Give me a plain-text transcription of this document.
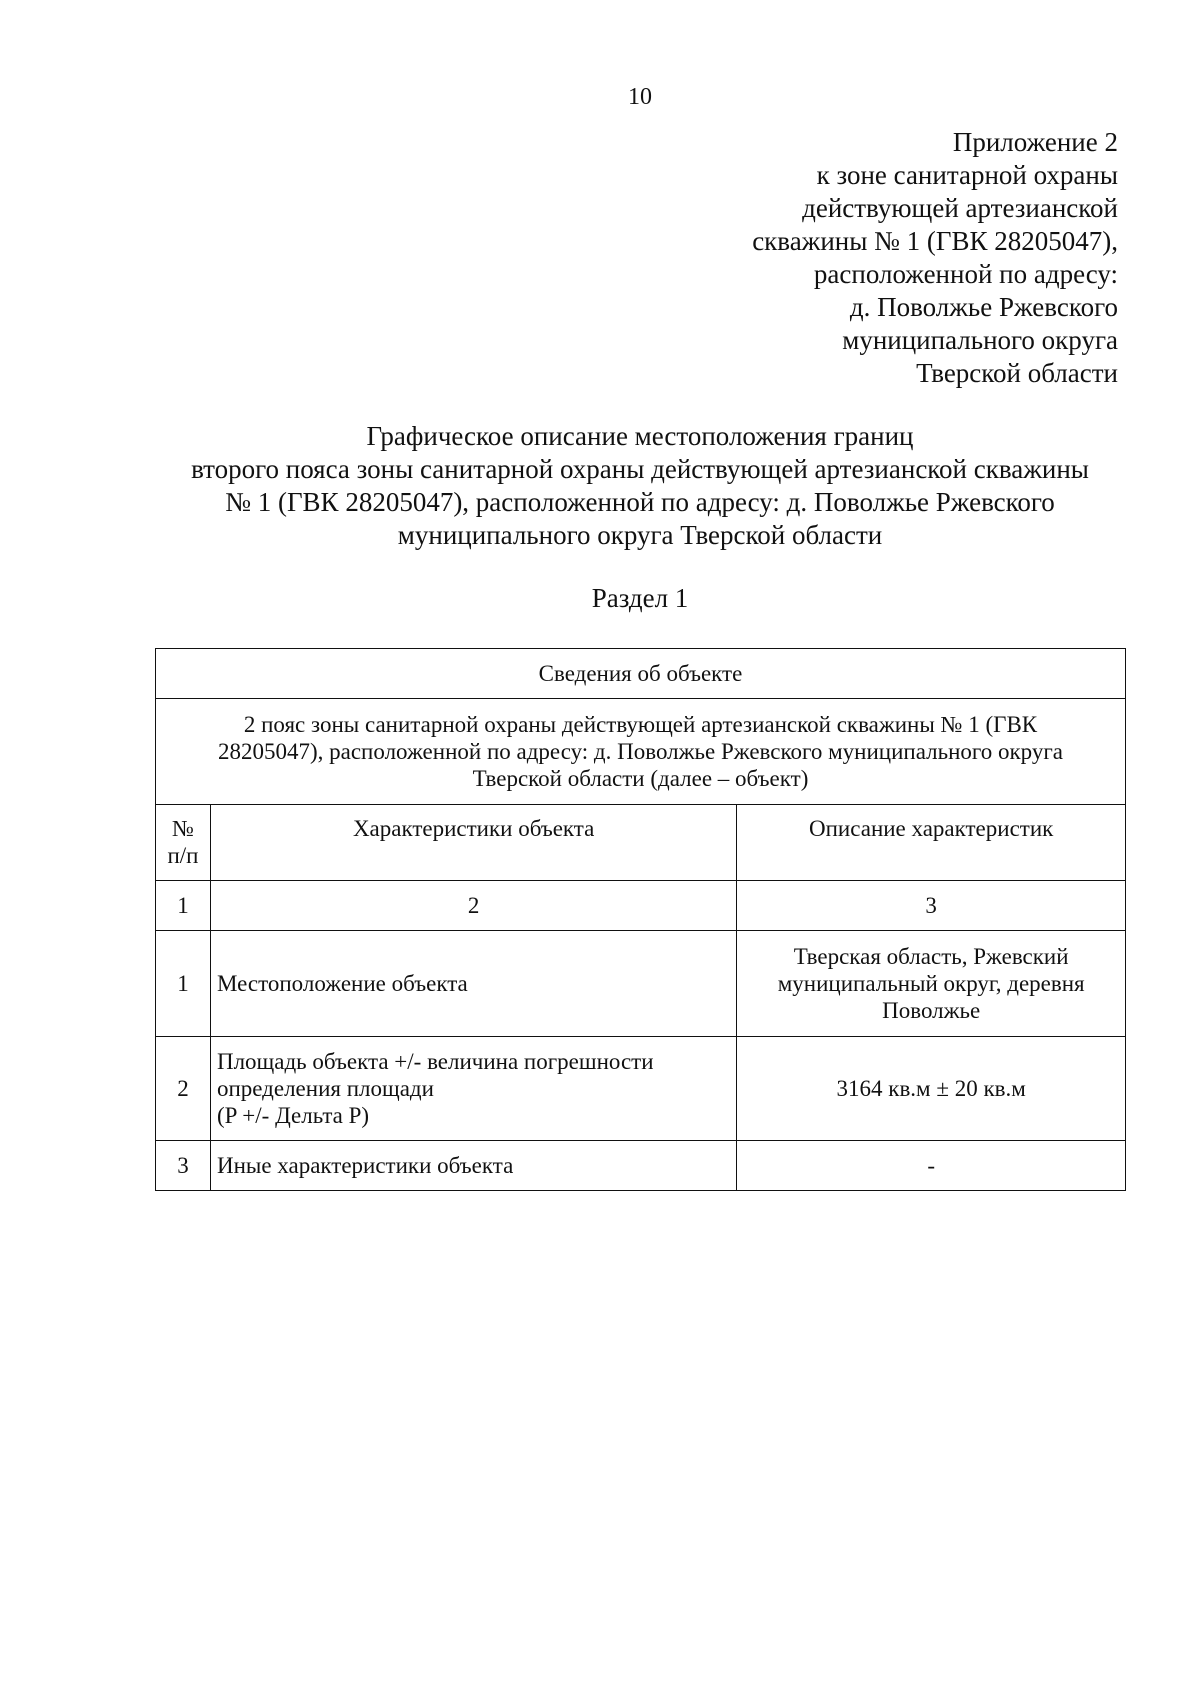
10
Приложение 2
к зоне санитарной охраны
действующей артезианской
скважины № 1 (ГВК 28205047),
расположенной по адресу:
д. Поволжье Ржевского
муниципального округа
Тверской области
Графическое описание местоположения границ
второго пояса зоны санитарной охраны действующей артезианской скважины
№ 1 (ГВК 28205047), расположенной по адресу: д. Поволжье Ржевского
муниципального округа Тверской области
Раздел 1
Сведения об объекте		

2 пояс зоны санитарной охраны действующей артезианской скважины № 1 (ГВК
28205047), расположенной по адресу: д. Поволжье Ржевского муниципального округа
Тверской области (далее – объект)		

№
п/п	Характеристики объекта	Описание характеристик
1	2	3
1	Местоположение объекта	Тверская область, Ржевский
муниципальный округ, деревня
Поволжье

2	Площадь объекта +/- величина погрешности
определения площади
(P +/- Дельта P)	3164 кв.м ± 20 кв.м

3	Иные характеристики объекта	-
